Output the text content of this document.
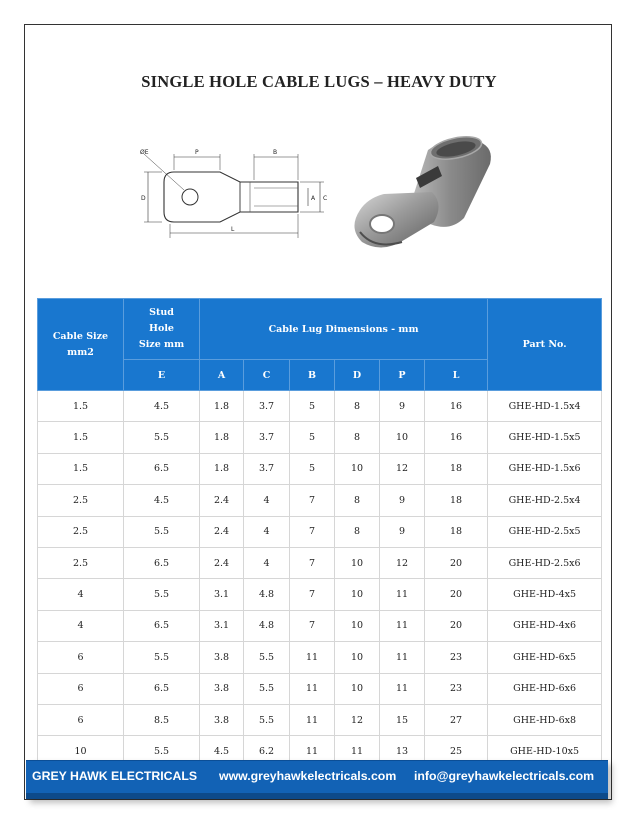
SINGLE HOLE CABLE LUGS – HEAVY DUTY
ØE	P	B
D	A C
L
Cable Size mm2	Stud Hole Size mm	Cable Lug Dimensions - mm						Part No.
	E	A	C	B	D	P	L	
1.5	4.5	1.8	3.7	5	8	9	16	GHE-HD-1.5x4
1.5	5.5	1.8	3.7	5	8	10	16	GHE-HD-1.5x5
1.5	6.5	1.8	3.7	5	10	12	18	GHE-HD-1.5x6
2.5	4.5	2.4	4	7	8	9	18	GHE-HD-2.5x4
2.5	5.5	2.4	4	7	8	9	18	GHE-HD-2.5x5
2.5	6.5	2.4	4	7	10	12	20	GHE-HD-2.5x6
4	5.5	3.1	4.8	7	10	11	20	GHE-HD-4x5
4	6.5	3.1	4.8	7	10	11	20	GHE-HD-4x6
6	5.5	3.8	5.5	11	10	11	23	GHE-HD-6x5
6	6.5	3.8	5.5	11	10	11	23	GHE-HD-6x6
6	8.5	3.8	5.5	11	12	15	27	GHE-HD-6x8
10	5.5	4.5	6.2	11	11	13	25	GHE-HD-10x5
GREY HAWK ELECTRICALS www.greyhawkelectricals.com info@greyhawkelectricals.com
